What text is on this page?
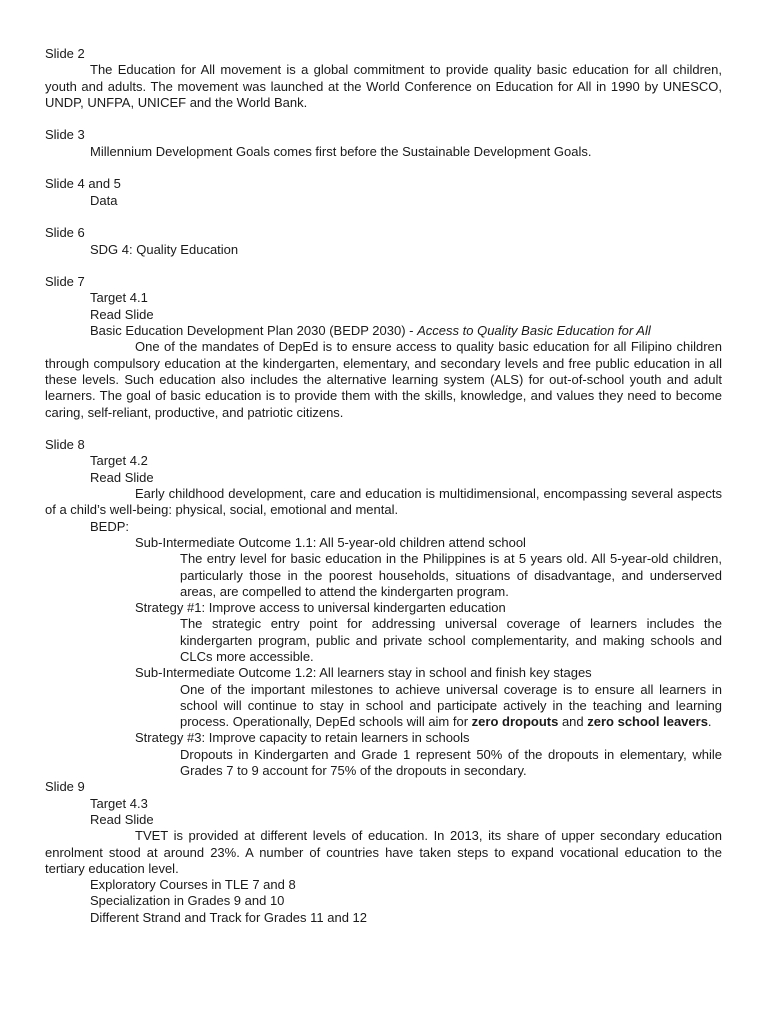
Slide 2
The Education for All movement is a global commitment to provide quality basic education for all children, youth and adults. The movement was launched at the World Conference on Education for All in 1990 by UNESCO, UNDP, UNFPA, UNICEF and the World Bank.
Slide 3
Millennium Development Goals comes first before the Sustainable Development Goals.
Slide 4 and 5
Data
Slide 6
SDG 4: Quality Education
Slide 7
Target 4.1
Read Slide
Basic Education Development Plan 2030 (BEDP 2030) - Access to Quality Basic Education for All
One of the mandates of DepEd is to ensure access to quality basic education for all Filipino children through compulsory education at the kindergarten, elementary, and secondary levels and free public education in all these levels. Such education also includes the alternative learning system (ALS) for out-of-school youth and adult learners. The goal of basic education is to provide them with the skills, knowledge, and values they need to become caring, self-reliant, productive, and patriotic citizens.
Slide 8
Target 4.2
Read Slide
Early childhood development, care and education is multidimensional, encompassing several aspects of a child’s well-being: physical, social, emotional and mental.
BEDP:
Sub-Intermediate Outcome 1.1: All 5-year-old children attend school
The entry level for basic education in the Philippines is at 5 years old. All 5-year-old children, particularly those in the poorest households, situations of disadvantage, and underserved areas, are compelled to attend the kindergarten program.
Strategy #1: Improve access to universal kindergarten education
The strategic entry point for addressing universal coverage of learners includes the kindergarten program, public and private school complementarity, and making schools and CLCs more accessible.
Sub-Intermediate Outcome 1.2: All learners stay in school and finish key stages
One of the important milestones to achieve universal coverage is to ensure all learners in school will continue to stay in school and participate actively in the teaching and learning process. Operationally, DepEd schools will aim for zero dropouts and zero school leavers.
Strategy #3: Improve capacity to retain learners in schools
Dropouts in Kindergarten and Grade 1 represent 50% of the dropouts in elementary, while Grades 7 to 9 account for 75% of the dropouts in secondary.
Slide 9
Target 4.3
Read Slide
TVET is provided at different levels of education. In 2013, its share of upper secondary education enrolment stood at around 23%. A number of countries have taken steps to expand vocational education to the tertiary education level.
Exploratory Courses in TLE 7 and 8
Specialization in Grades 9 and 10
Different Strand and Track for Grades 11 and 12
